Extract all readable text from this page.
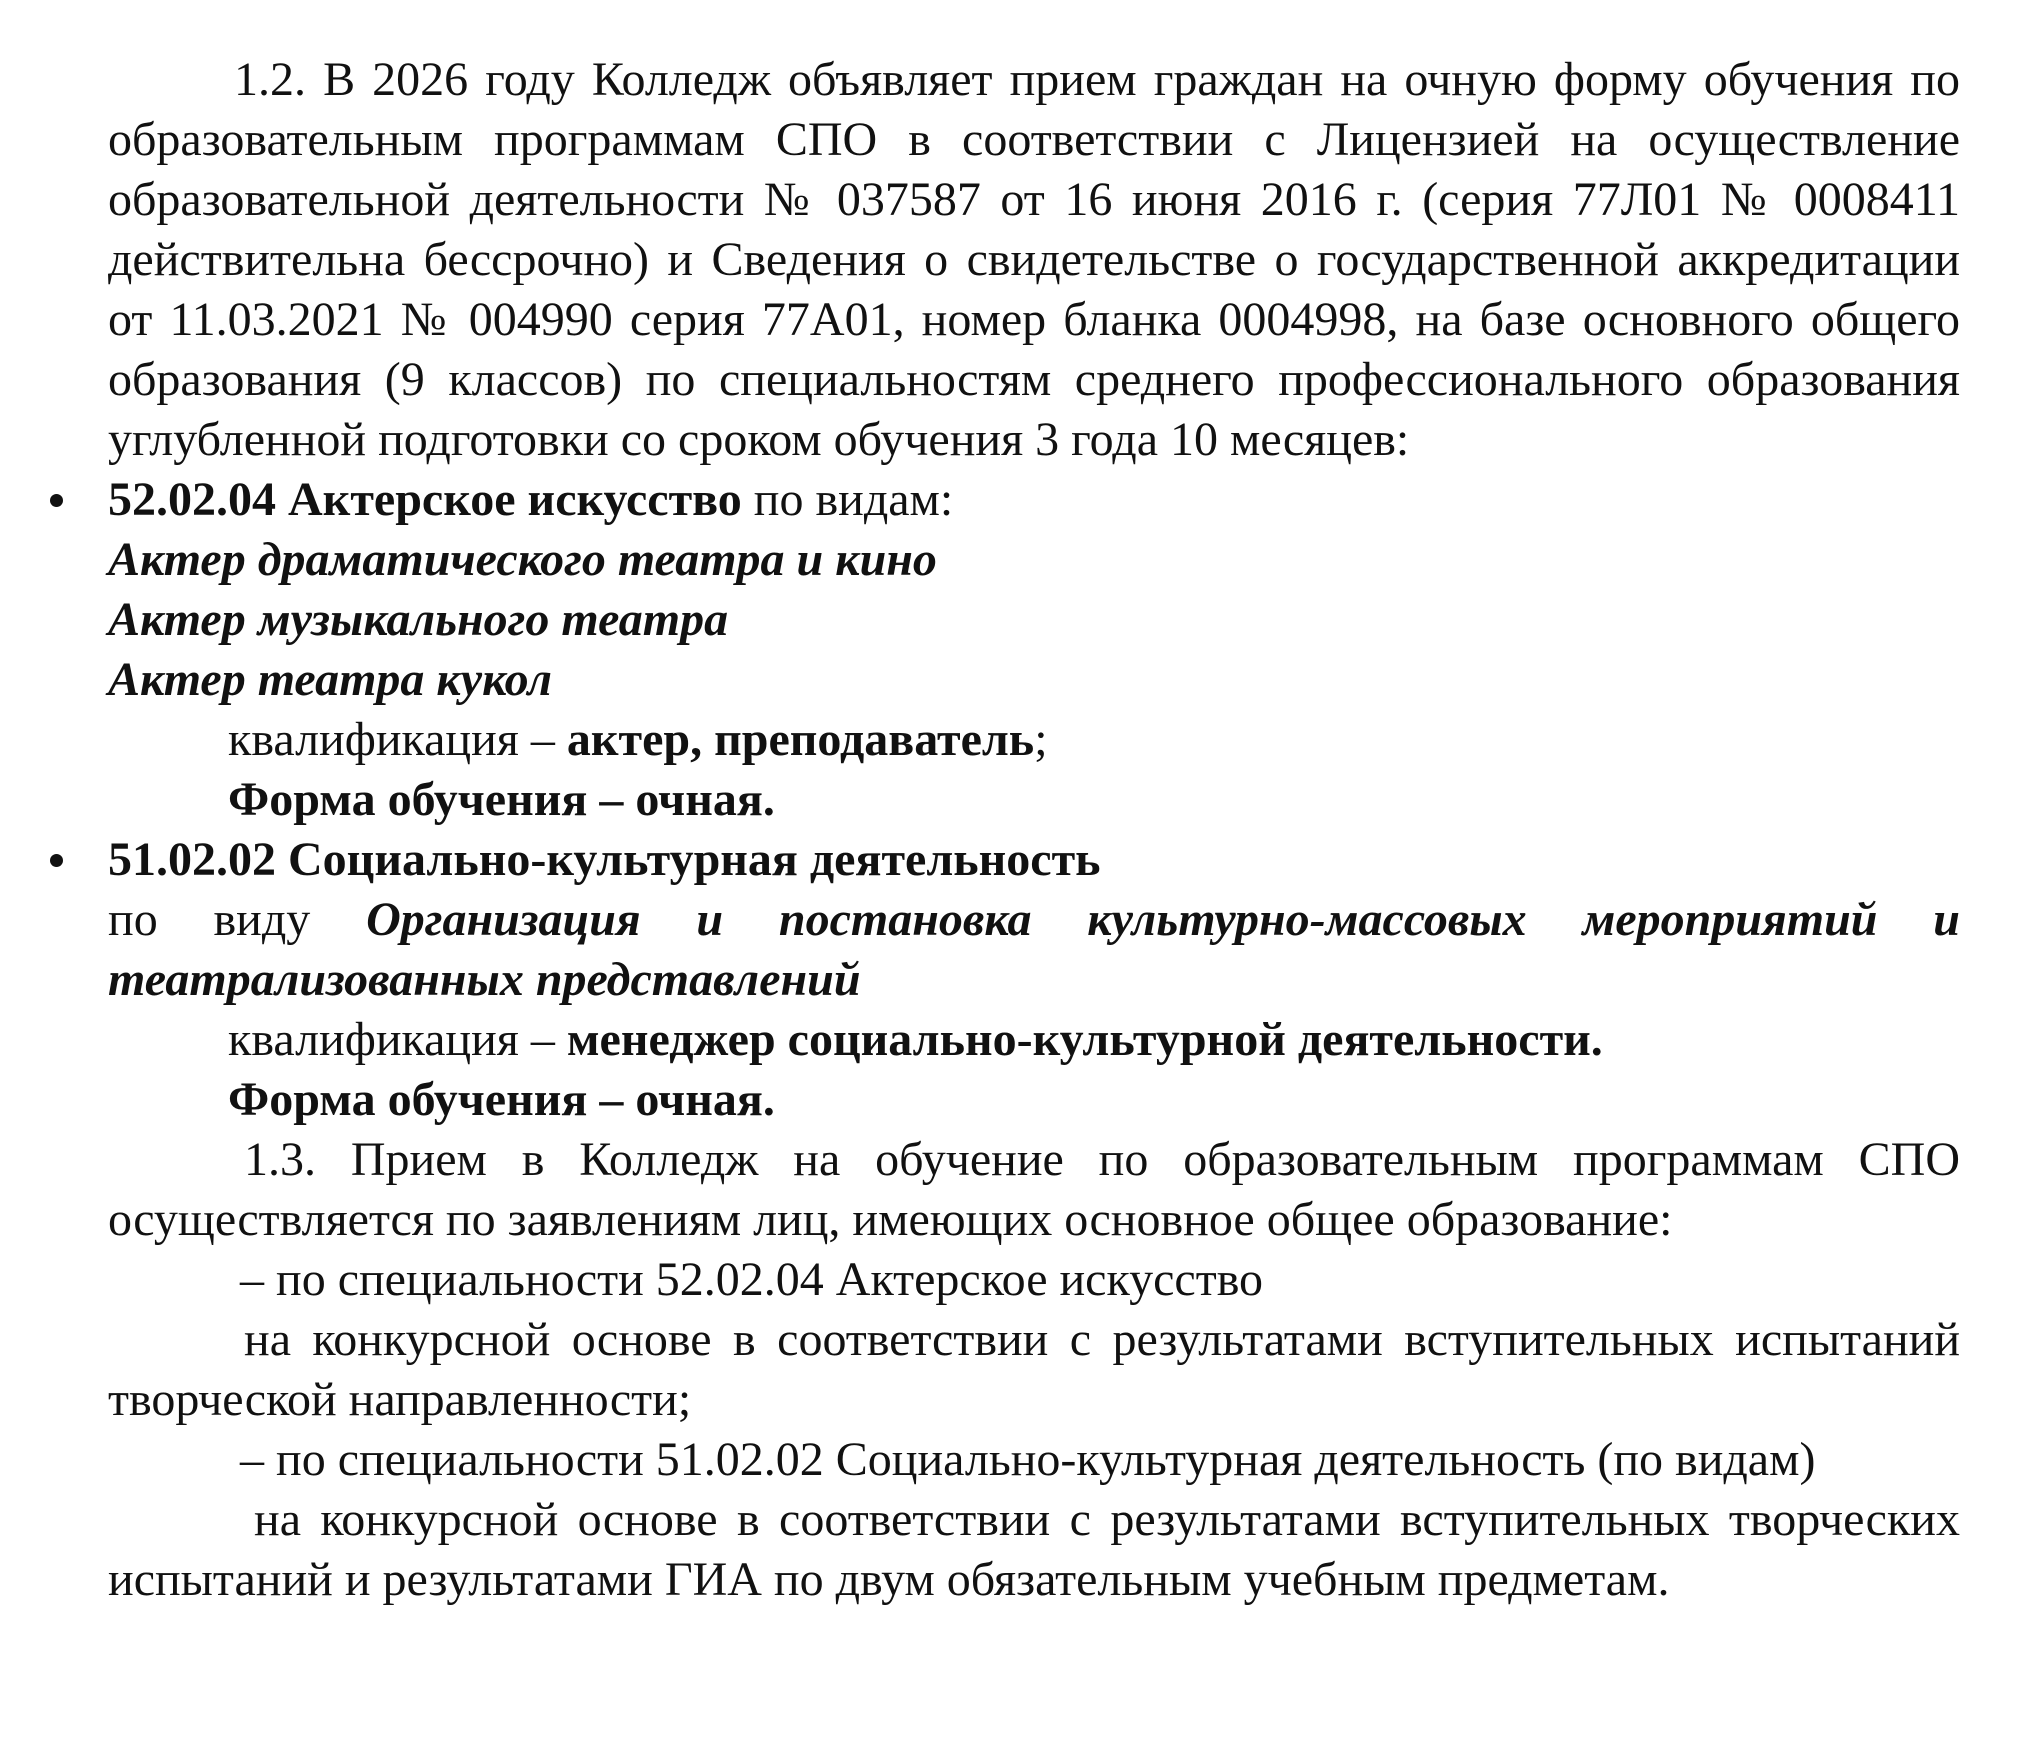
1.2. В 2026 году Колледж объявляет прием граждан на очную форму обучения по образовательным программам СПО в соответствии с Лицензией на осуществление образовательной деятельности № 037587 от 16 июня 2016 г. (серия 77Л01 № 0008411 действительна бессрочно) и Сведения о свидетельстве о государственной аккредитации от 11.03.2021 № 004990 серия 77А01, номер бланка 0004998, на базе основного общего образования (9 классов) по специальностям среднего профессионального образования углубленной подготовки со сроком обучения 3 года 10 месяцев:

52.02.04 Актерское искусство по видам:
Актер драматического театра и кино
Актер музыкального театра
Актер театра кукол
квалификация – актер, преподаватель;
Форма обучения – очная.
51.02.02 Социально-культурная деятельность

по виду Организация и постановка культурно-массовых мероприятий и театрализованных представлений

квалификация – менеджер социально-культурной деятельности.
Форма обучения – очная.

1.3. Прием в Колледж на обучение по образовательным программам СПО осуществляется по заявлениям лиц, имеющих основное общее образование:

– по специальности 52.02.04 Актерское искусство

на конкурсной основе в соответствии с результатами вступительных испытаний творческой направленности;

– по специальности 51.02.02 Социально-культурная деятельность (по видам)

на конкурсной основе в соответствии с результатами вступительных творческих испытаний и результатами ГИА по двум обязательным учебным предметам.
